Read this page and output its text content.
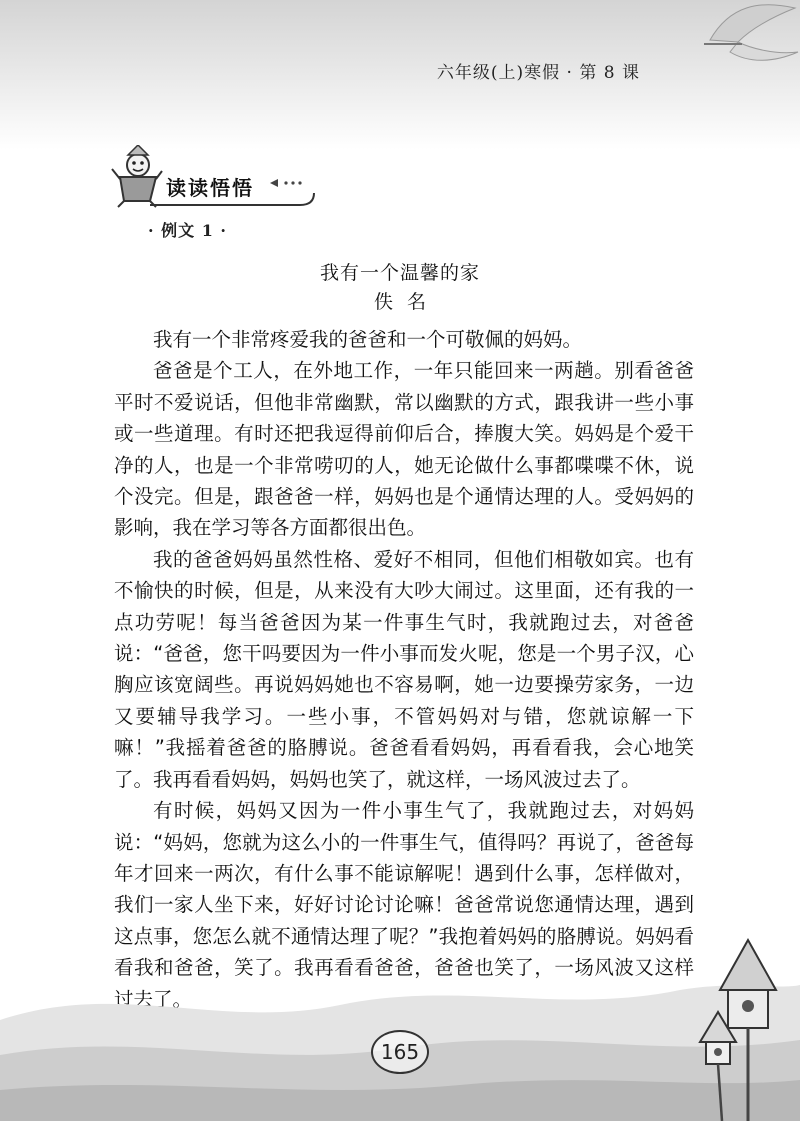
六年级(上)寒假 · 第 8 课
读读悟悟
· 例文 1 ·
我有一个温馨的家
佚名

我有一个非常疼爱我的爸爸和一个可敬佩的妈妈。

爸爸是个工人，在外地工作，一年只能回来一两趟。别看爸爸平时不爱说话，但他非常幽默，常以幽默的方式，跟我讲一些小事或一些道理。有时还把我逗得前仰后合，捧腹大笑。妈妈是个爱干净的人，也是一个非常唠叨的人，她无论做什么事都喋喋不休，说个没完。但是，跟爸爸一样，妈妈也是个通情达理的人。受妈妈的影响，我在学习等各方面都很出色。

我的爸爸妈妈虽然性格、爱好不相同，但他们相敬如宾。也有不愉快的时候，但是，从来没有大吵大闹过。这里面，还有我的一点功劳呢！每当爸爸因为某一件事生气时，我就跑过去，对爸爸说：“爸爸，您干吗要因为一件小事而发火呢，您是一个男子汉，心胸应该宽阔些。再说妈妈她也不容易啊，她一边要操劳家务，一边又要辅导我学习。一些小事，不管妈妈对与错，您就谅解一下嘛！”我摇着爸爸的胳膊说。爸爸看看妈妈，再看看我，会心地笑了。我再看看妈妈，妈妈也笑了，就这样，一场风波过去了。

有时候，妈妈又因为一件小事生气了，我就跑过去，对妈妈说：“妈妈，您就为这么小的一件事生气，值得吗？再说了，爸爸每年才回来一两次，有什么事不能谅解呢！遇到什么事，怎样做对，我们一家人坐下来，好好讨论讨论嘛！爸爸常说您通情达理，遇到这点事，您怎么就不通情达理了呢？”我抱着妈妈的胳膊说。妈妈看看我和爸爸，笑了。我再看看爸爸，爸爸也笑了，一场风波又这样过去了。

165
